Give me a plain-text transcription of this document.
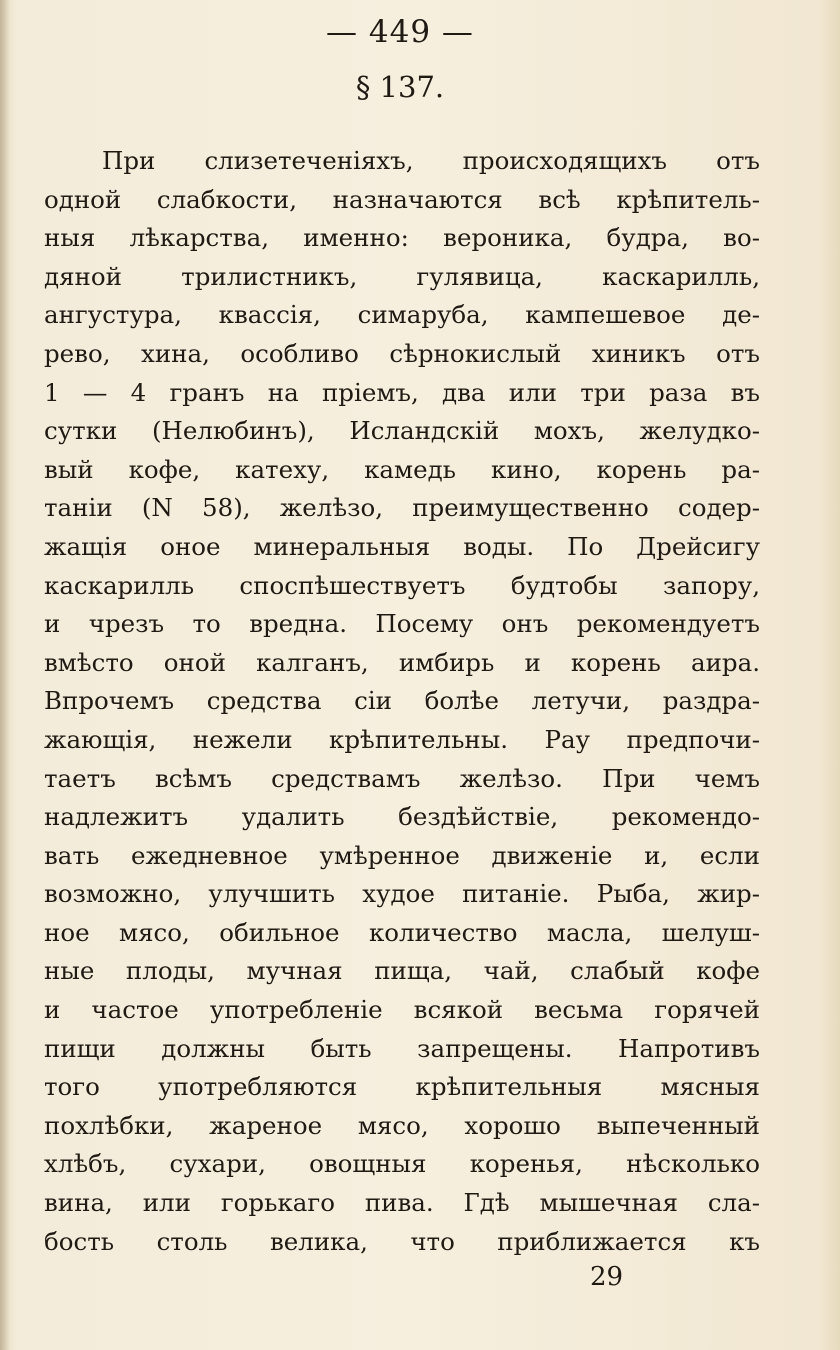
— 449 —
§ 137.
При слизетеченіяхъ, происходящихъ отъ
одной слабкости, назначаются всѣ крѣпитель-
ныя лѣкарства, именно: вероника, будра, во-
дяной трилистникъ, гулявица, каскарилль,
ангустура, квассія, симаруба, кампешевое де-
рево, хина, особливо сѣрнокислый хиникъ отъ
1 — 4 гранъ на пріемъ, два или три раза въ
сутки (Нелюбинъ), Исландскій мохъ, желудко-
вый кофе, катеху, камедь кино, корень ра-
таніи (N 58), желѣзо, преимущественно содер-
жащія оное минеральныя воды. По Дрейсигу
каскарилль споспѣшествуетъ будтобы запору,
и чрезъ то вредна. Посему онъ рекомендуетъ
вмѣсто оной калганъ, имбирь и корень аира.
Впрочемъ средства сіи болѣе летучи, раздра-
жающія, нежели крѣпительны. Рау предпочи-
таетъ всѣмъ средствамъ желѣзо. При чемъ
надлежитъ удалить бездѣйствіе, рекомендо-
вать ежедневное умѣренное движеніе и, если
возможно, улучшить худое питаніе. Рыба, жир-
ное мясо, обильное количество масла, шелуш-
ные плоды, мучная пища, чай, слабый кофе
и частое употребленіе всякой весьма горячей
пищи должны быть запрещены. Напротивъ
того употребляются крѣпительныя мясныя
похлѣбки, жареное мясо, хорошо выпеченный
хлѣбъ, сухари, овощныя коренья, нѣсколько
вина, или горькаго пива. Гдѣ мышечная сла-
бость столь велика, что приближается къ
29
